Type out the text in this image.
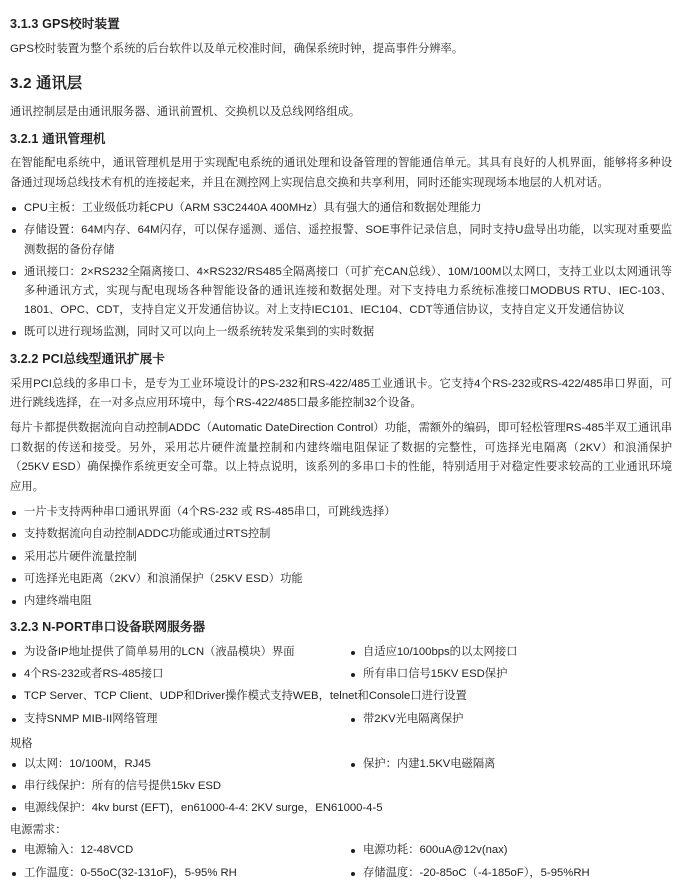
3.1.3 GPS校时装置

GPS校时装置为整个系统的后台软件以及单元校准时间，确保系统时钟，提高事件分辨率。

3.2 通讯层

通讯控制层是由通讯服务器、通讯前置机、交换机以及总线网络组成。

3.2.1 通讯管理机

在智能配电系统中，通讯管理机是用于实现配电系统的通讯处理和设备管理的智能通信单元。其具有良好的人机界面，能够将多种设备通过现场总线技术有机的连接起来，并且在测控网上实现信息交换和共享利用，同时还能实现现场本地层的人机对话。

CPU主板：工业级低功耗CPU（ARM S3C2440A 400MHz）具有强大的通信和数据处理能力
存储设置：64M内存、64M闪存，可以保存遥测、遥信、遥控报警、SOE事件记录信息，同时支持U盘导出功能，以实现对重要监测数据的备份存储
通讯接口：2×RS232全隔离接口、4×RS232/RS485全隔离接口（可扩充CAN总线）、10M/100M以太网口，支持工业以太网通讯等多种通讯方式，实现与配电现场各种智能设备的通讯连接和数据处理。对下支持电力系统标准接口MODBUS RTU、IEC-103、1801、OPC、CDT，支持自定义开发通信协议。对上支持IEC101、IEC104、CDT等通信协议，支持自定义开发通信协议
既可以进行现场监测，同时又可以向上一级系统转发采集到的实时数据
3.2.2 PCI总线型通讯扩展卡

采用PCI总线的多串口卡，是专为工业环境设计的PS-232和RS-422/485工业通讯卡。它支持4个RS-232或RS-422/485串口界面，可进行跳线选择，在一对多点应用环境中，每个RS-422/485口最多能控制32个设备。

每片卡都提供数据流向自动控制ADDC（Automatic DateDirection Control）功能，需额外的编码，即可轻松管理RS-485半双工通讯串口数据的传送和接受。另外，采用芯片硬件流量控制和内建终端电阻保证了数据的完整性，可选择光电隔离（2KV）和浪涌保护（25KV ESD）确保操作系统更安全可靠。以上特点说明，该系列的多串口卡的性能，特别适用于对稳定性要求较高的工业通讯环境应用。

一片卡支持两种串口通讯界面（4个RS-232 或 RS-485串口，可跳线选择）
支持数据流向自动控制ADDC功能或通过RTS控制
采用芯片硬件流量控制
可选择光电距离（2KV）和浪涌保护（25KV ESD）功能
内建终端电阻
3.2.3 N-PORT串口设备联网服务器
为设备IP地址提供了简单易用的LCN（液晶模块）界面
4个RS-232或者RS-485接口
自适应10/100bps的以太网接口
所有串口信号15KV ESD保护
TCP Server、TCP Client、UDP和Driver操作模式支持WEB，telnet和Console口进行设置
支持SNMP MIB-II网络管理	带2KV光电隔离保护
规格
以太网：10/100M，RJ45	保护：内建1.5KV电磁隔离
串行线保护：所有的信号提供15kv ESD
电源线保护：4kv burst (EFT)，en61000-4-4: 2KV surge，EN61000-4-5
电源需求：
电源输入：12-48VCD
工作温度：0-55oC(32-131oF)，5-95% RH
电源功耗：600uA@12v(nax)
存储温度：-20-85oC（-4-185oF），5-95%RH
